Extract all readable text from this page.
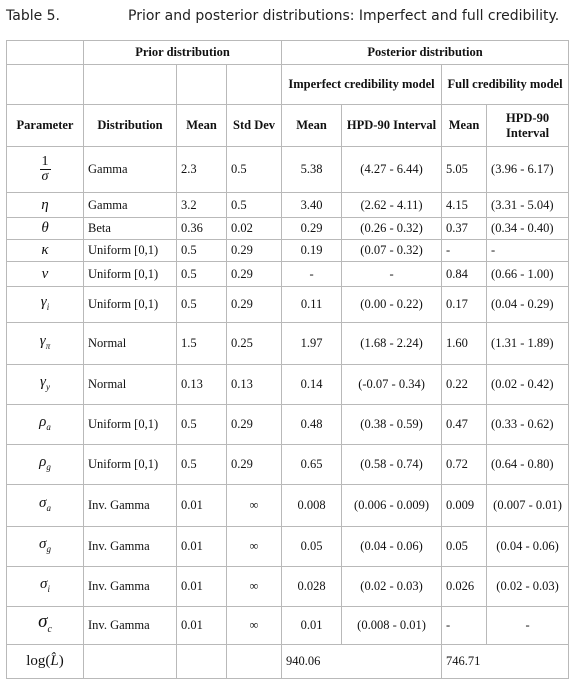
Table 5.	Prior and posterior distributions: Imperfect and full credibility.
	Prior distribution			Posterior distribution			
				Imperfect credibility model		Full credibility model	
Parameter	Distribution	Mean	Std Dev	Mean	HPD-90 Interval	Mean	HPD-90 Interval

$\frac{1}{\sigma}$	Gamma	2.3	0.5	5.38	(4.27 - 6.44)	5.05	(3.96 - 6.17)
η	Gamma	3.2	0.5	3.40	(2.62 - 4.11)	4.15	(3.31 - 5.04)
θ	Beta	0.36	0.02	0.29	(0.26 - 0.32)	0.37	(0.34 - 0.40)
κ	Uniform [0,1)	0.5	0.29	0.19	(0.07 - 0.32)	-	-
ν	Uniform [0,1)	0.5	0.29	-	-	0.84	(0.66 - 1.00)
$\gamma_i$	Uniform [0,1)	0.5	0.29	0.11	(0.00 - 0.22)	0.17	(0.04 - 0.29)
$\gamma_\pi$	Normal	1.5	0.25	1.97	(1.68 - 2.24)	1.60	(1.31 - 1.89)
$\gamma_y$	Normal	0.13	0.13	0.14	(-0.07 - 0.34)	0.22	(0.02 - 0.42)
$\rho_a$	Uniform [0,1)	0.5	0.29	0.48	(0.38 - 0.59)	0.47	(0.33 - 0.62)
$\rho_g$	Uniform [0,1)	0.5	0.29	0.65	(0.58 - 0.74)	0.72	(0.64 - 0.80)
$\sigma_a$	Inv. Gamma	0.01	∞	0.008	(0.006 - 0.009)	0.009	(0.007 - 0.01)
$\sigma_g$	Inv. Gamma	0.01	∞	0.05	(0.04 - 0.06)	0.05	(0.04 - 0.06)
$\sigma_i$	Inv. Gamma	0.01	∞	0.028	(0.02 - 0.03)	0.026	(0.02 - 0.03)
$\sigma_c$	Inv. Gamma	0.01	∞	0.01	(0.008 - 0.01)	-	-
log(L̂)				940.06		746.71	
